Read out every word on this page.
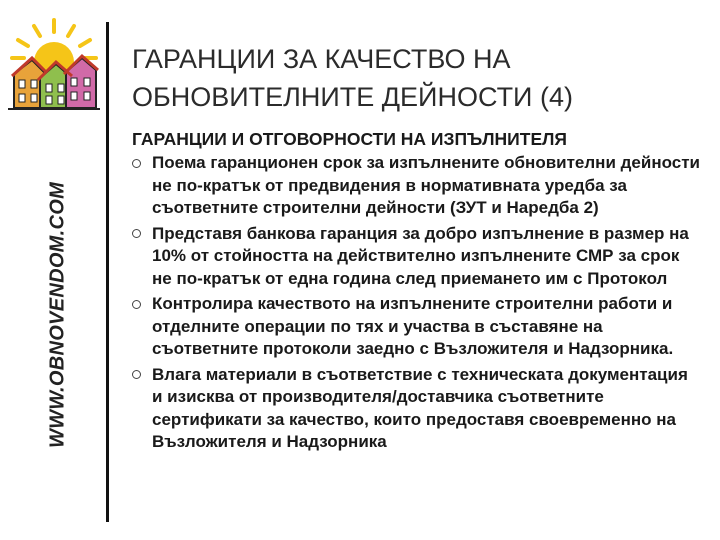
WWW.OBNOVENDOM.COM
ГАРАНЦИИ ЗА КАЧЕСТВО НА ОБНОВИТЕЛНИТЕ ДЕЙНОСТИ (4)
ГАРАНЦИИ И ОТГОВОРНОСТИ НА ИЗПЪЛНИТЕЛЯ
Поема гаранционен срок за изпълнените обновителни дейности не по-кратък от предвидения в нормативната уредба за съответните строителни дейности (ЗУТ и Наредба 2)
Представя банкова гаранция за добро изпълнение в размер на 10% от стойността на действително изпълнените СМР за срок не по-кратък от една година след приемането им с Протокол
Контролира качеството на изпълнените строителни работи и отделните операции по тях и участва в съставяне на съответните протоколи заедно с Възложителя и Надзорника.
Влага материали в съответствие с техническата документация и изисква от производителя/доставчика съответните сертификати за качество, които предоставя своевременно на Възложителя и Надзорника
